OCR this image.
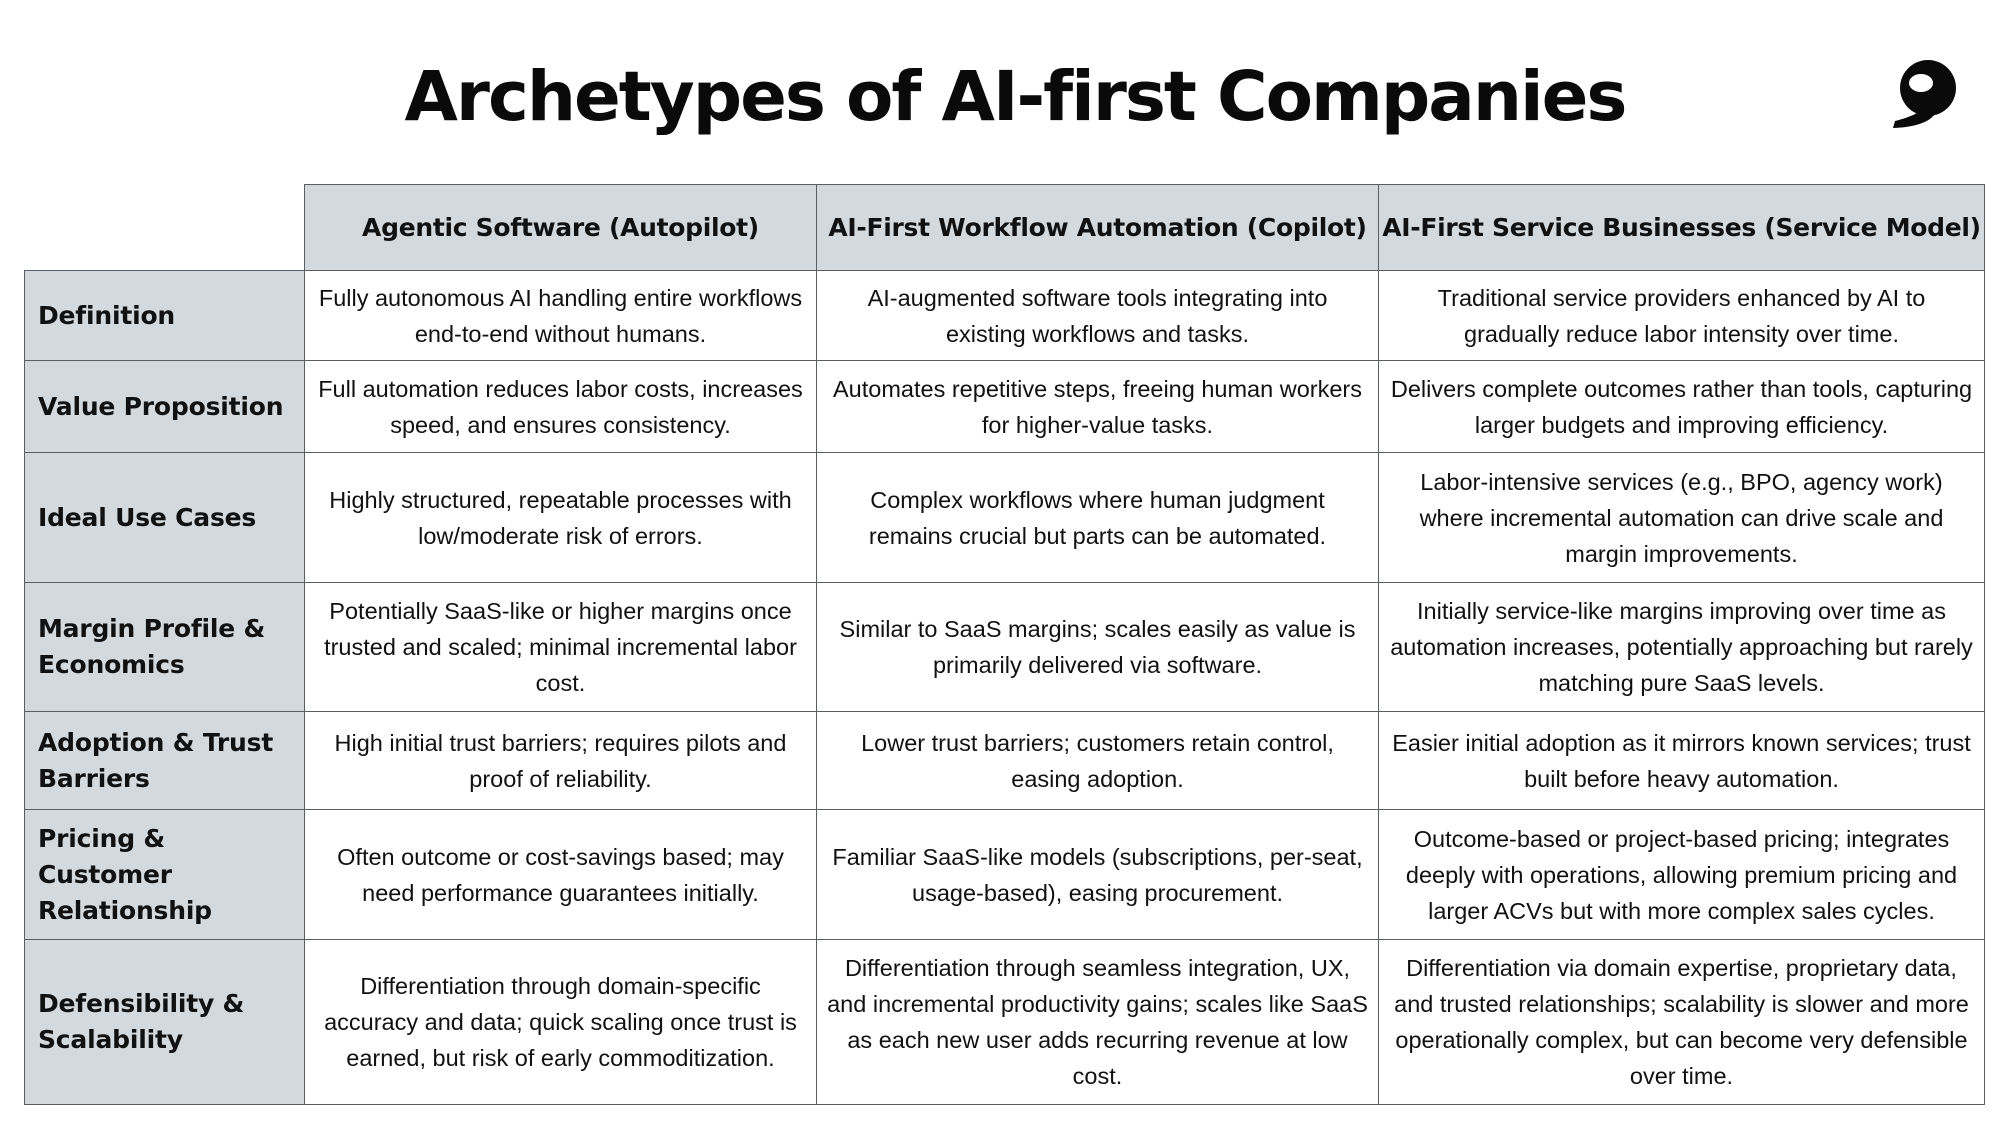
Archetypes of AI-first Companies
	Agentic Software (Autopilot)	AI-First Workflow Automation (Copilot)	AI-First Service Businesses (Service Model)
Definition	Fully autonomous AI handling entire workflows end-to-end without humans.	AI-augmented software tools integrating into existing workflows and tasks.	Traditional service providers enhanced by AI to gradually reduce labor intensity over time.
Value Proposition	Full automation reduces labor costs, increases speed, and ensures consistency.	Automates repetitive steps, freeing human workers for higher-value tasks.	Delivers complete outcomes rather than tools, capturing larger budgets and improving efficiency.
Ideal Use Cases	Highly structured, repeatable processes with low/moderate risk of errors.	Complex workflows where human judgment remains crucial but parts can be automated.	Labor-intensive services (e.g., BPO, agency work) where incremental automation can drive scale and margin improvements.
Margin Profile & Economics	Potentially SaaS-like or higher margins once trusted and scaled; minimal incremental labor cost.	Similar to SaaS margins; scales easily as value is primarily delivered via software.	Initially service-like margins improving over time as automation increases, potentially approaching but rarely matching pure SaaS levels.
Adoption & Trust Barriers	High initial trust barriers; requires pilots and proof of reliability.	Lower trust barriers; customers retain control, easing adoption.	Easier initial adoption as it mirrors known services; trust built before heavy automation.
Pricing & Customer Relationship	Often outcome or cost-savings based; may need performance guarantees initially.	Familiar SaaS-like models (subscriptions, per-seat, usage-based), easing procurement.	Outcome-based or project-based pricing; integrates deeply with operations, allowing premium pricing and larger ACVs but with more complex sales cycles.
Defensibility & Scalability	Differentiation through domain-specific accuracy and data; quick scaling once trust is earned, but risk of early commoditization.	Differentiation through seamless integration, UX, and incremental productivity gains; scales like SaaS as each new user adds recurring revenue at low cost.	Differentiation via domain expertise, proprietary data, and trusted relationships; scalability is slower and more operationally complex, but can become very defensible over time.
